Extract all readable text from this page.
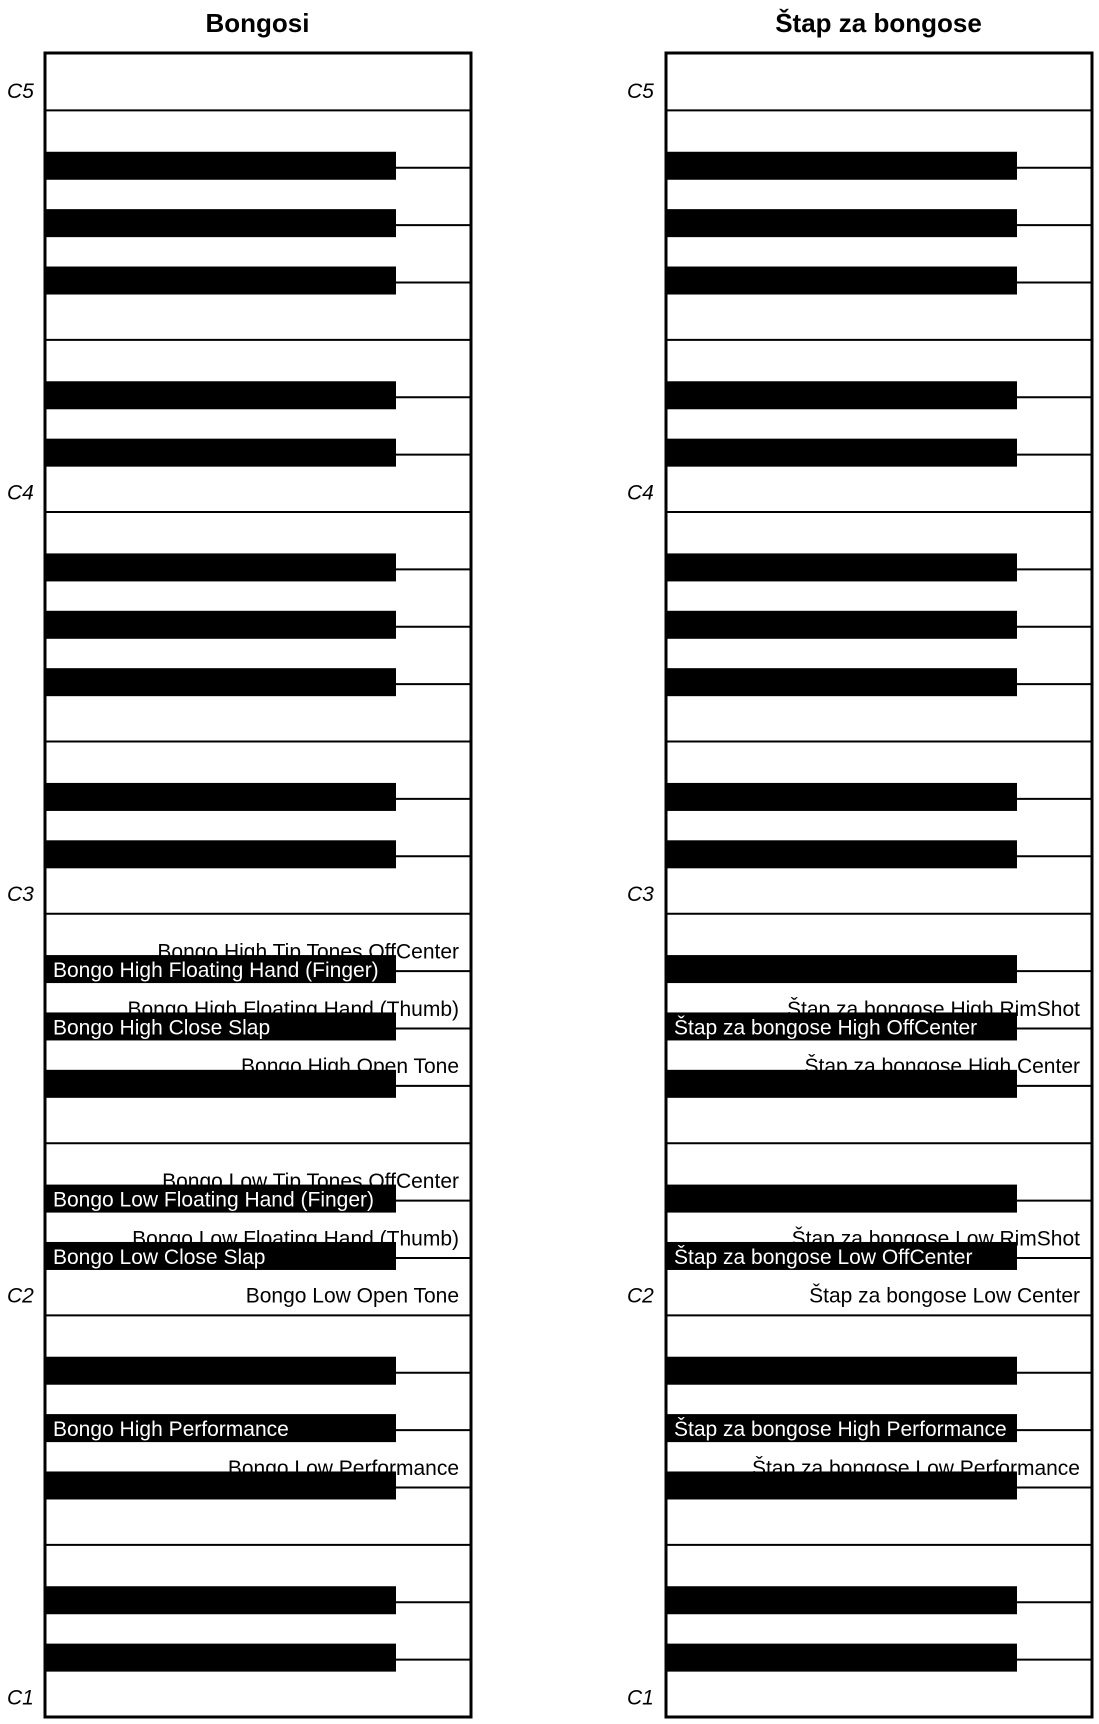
Bongosi	Štap za bongose
Bongo High Tip Tones OffCenter
Bongo High Floating Hand (Finger)
Bongo High Floating Hand (Thumb)
Bongo High Close Slap
Bongo High Open Tone
Bongo Low Tip Tones OffCenter
Bongo Low Floating Hand (Finger)
Bongo Low Floating Hand (Thumb)
Bongo Low Close Slap
Bongo Low Open Tone
Bongo High Performance
Bongo Low Performance
C5
C4
C3
C2
C1
Štap za bongose High RimShot
Štap za bongose High OffCenter
Štap za bongose High Center
Štap za bongose Low RimShot
Štap za bongose Low OffCenter
Štap za bongose Low Center
Štap za bongose High Performance
Štap za bongose Low Performance
C5
C4
C3
C2
C1
